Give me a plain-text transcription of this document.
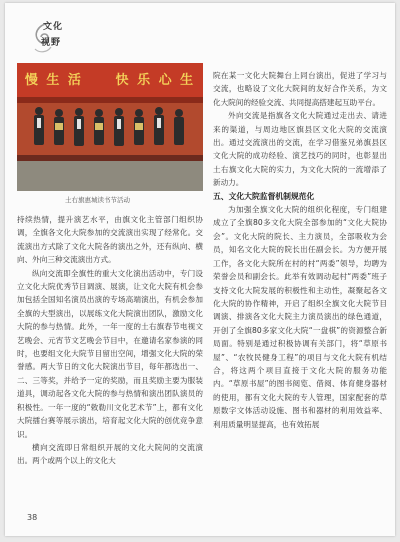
文化
视野
慢 生 活     快 乐 心 生
土右旗惠城读书节活动

持续热情，提升演艺水平，由旗文化主管部门组织协调，全旗各文化大院参加的交流演出实现了经常化。交流演出方式除了文化大院各的演出之外，还有纵向、横向、外向三种交流演出方式。

纵向交流即全旗性的重大文化演出活动中，专门设立文化大院优秀节目调演、展演，让文化大院有机会参加包括全国知名演员出演的专场高端演出，有机会参加全旗的大型演出，以展练文化大院演出团队，激励文化大院的参与热情。此外，一年一度的土右旗春节电视文艺晚会、元宵节文艺晚会节目中，在邀请名家参演的同时，也要组文化大院节目留出空间，增强文化大院的荣誉感。两大节日的文化大院演出节目，每年都选出一、二、三等奖，并给予一定的奖励，而且奖励主要为服装道具，调动起各文化大院的参与热情和演出团队演员的积极性。一年一度的“敕勒川文化艺术节”上，都有文化大院擂台赛等展示演出，培育起文化大院的创优竞争意识。

横向交流即日常组织开展的文化大院间的交流演出。两个或两个以上的文化大

院在某一文化大院舞台上同台演出，促进了学习与交流，也略设了文化大院间的友好合作关系，为文化大院间的经验交流、共同提高搭建起互助平台。

外向交流是指旗各文化大院通过走出去、请进来的渠道，与周边地区旗县区文化大院的交流演出。通过交流演出的交流，在学习借鉴兄弟旗县区文化大院的成功经验、演艺技巧的同时，也彰显出土右旗文化大院的实力，为文化大院的一流增添了新动力。

五、文化大院监督机制规范化

为加强全旗文化大院的组织化程度，专门组建成立了全旗80多文化大院全部参加的“文化大院协会”。文化大院的院长、主力演员，全部吸收为会员，知名文化大院的院长出任副会长。为方便开展工作，各文化大院所在村的村“两委”领导，均聘为荣誉会员和副会长。此举有效调动起村“两委”班子支持文化大院发展的积极性和主动性，凝聚起各文化大院的协作精神，开启了组织全旗文化大院节目调演、排演各文化大院主力演员演出的绿色通道，开创了全旗80多家文化大院“一盘棋”的资源整合新局面。特别是通过积极协调有关部门，将“草原书屋”、“农牧民健身工程”的项目与文化大院有机结合，将这两个项目直接于文化大院的服务功能内。“草原书屋”的图书阅览、借阅、体育健身器材的使用，都有文化大院的专人管理，国家配套的草原数字文体活动设施、图书和器材的利用效益率、利用质量明显提高，也有效拓展

38
